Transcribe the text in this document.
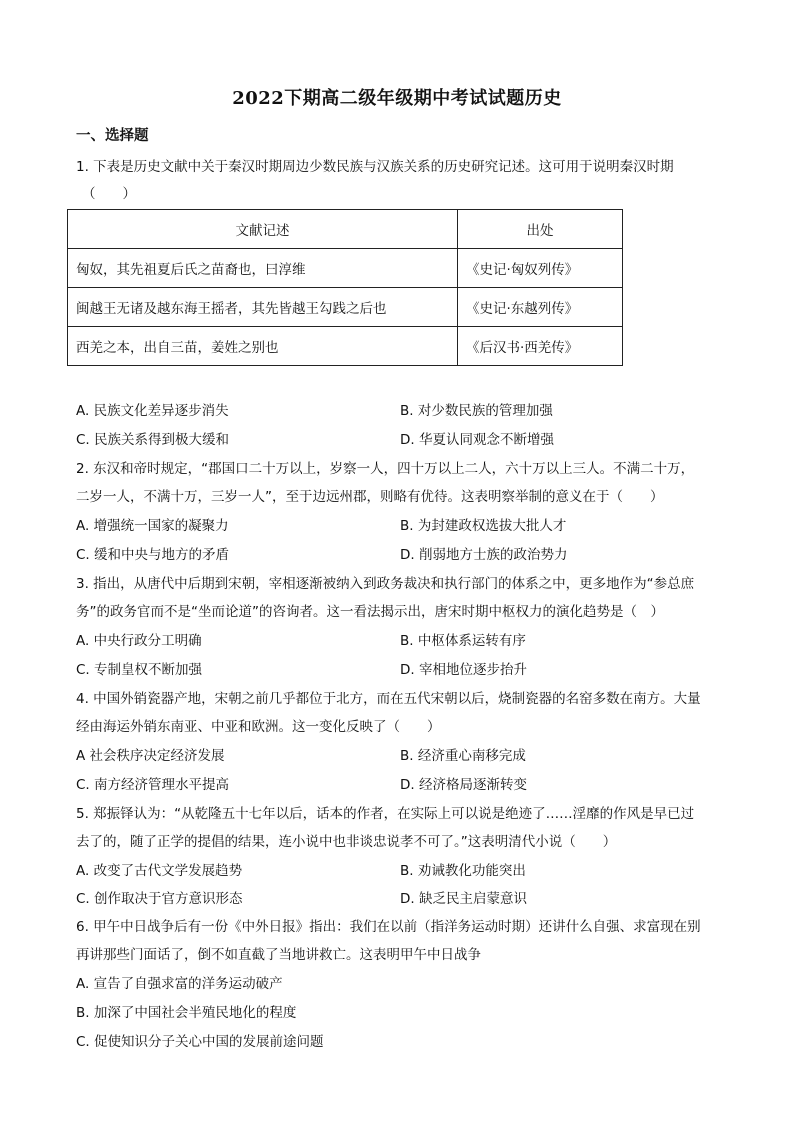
2022下期高二级年级期中考试试题历史
一、选择题
1. 下表是历史文献中关于秦汉时期周边少数民族与汉族关系的历史研究记述。这可用于说明秦汉时期
（　　）
文献记述	出处
匈奴，其先祖夏后氏之苗裔也，曰淳维	《史记·匈奴列传》
闽越王无诸及越东海王摇者，其先皆越王勾践之后也	《史记·东越列传》
西羌之本，出自三苗，姜姓之别也	《后汉书·西羌传》
A. 民族文化差异逐步消失	B. 对少数民族的管理加强
C. 民族关系得到极大缓和	D. 华夏认同观念不断增强
2. 东汉和帝时规定，“郡国口二十万以上，岁察一人，四十万以上二人，六十万以上三人。不满二十万，
二岁一人，不满十万，三岁一人”，至于边远州郡，则略有优待。这表明察举制的意义在于（　　）
A. 增强统一国家的凝聚力	B. 为封建政权选拔大批人才
C. 缓和中央与地方的矛盾	D. 削弱地方士族的政治势力
3. 指出，从唐代中后期到宋朝，宰相逐渐被纳入到政务裁决和执行部门的体系之中，更多地作为“参总庶
务”的政务官而不是“坐而论道”的咨询者。这一看法揭示出，唐宋时期中枢权力的演化趋势是（　）
A. 中央行政分工明确	B. 中枢体系运转有序
C. 专制皇权不断加强	D. 宰相地位逐步抬升
4. 中国外销瓷器产地，宋朝之前几乎都位于北方，而在五代宋朝以后，烧制瓷器的名窑多数在南方。大量
经由海运外销东南亚、中亚和欧洲。这一变化反映了（　　）
A 社会秩序决定经济发展	B. 经济重心南移完成
C. 南方经济管理水平提高	D. 经济格局逐渐转变
5. 郑振铎认为：“从乾隆五十七年以后，话本的作者，在实际上可以说是绝迹了……淫靡的作风是早已过
去了的，随了正学的提倡的结果，连小说中也非谈忠说孝不可了。”这表明清代小说（　　）
A. 改变了古代文学发展趋势	B. 劝诫教化功能突出
C. 创作取决于官方意识形态	D. 缺乏民主启蒙意识
6. 甲午中日战争后有一份《中外日报》指出：我们在以前（指洋务运动时期）还讲什么自强、求富现在别
再讲那些门面话了，倒不如直截了当地讲救亡。这表明甲午中日战争
A. 宣告了自强求富的洋务运动破产
B. 加深了中国社会半殖民地化的程度
C. 促使知识分子关心中国的发展前途问题
